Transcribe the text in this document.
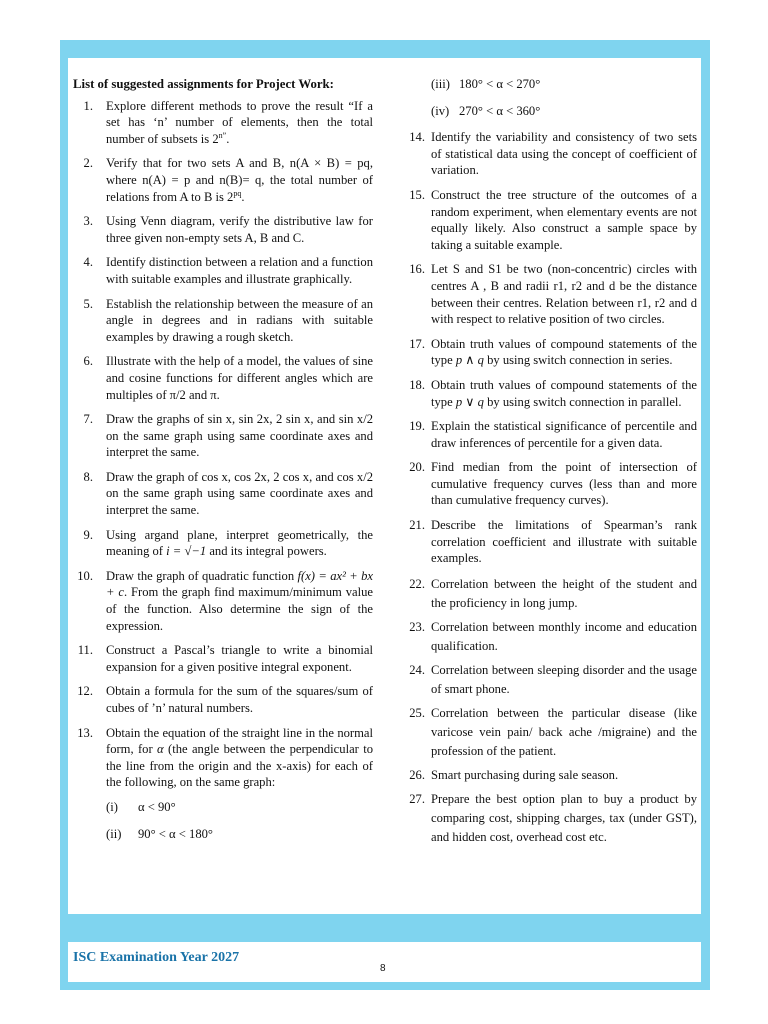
List of suggested assignments for Project Work:
1.	Explore different methods to prove the result “If a set has ‘n’ number of elements, then the total number of subsets is $2^{n”}$.
2.	Verify that for two sets A and B, n(A × B) = pq, where n(A) = p and n(B)= q, the total number of relations from A to B is $2^{pq}$.
3.	Using Venn diagram, verify the distributive law for three given non-empty sets A, B and C.
4.	Identify distinction between a relation and a function with suitable examples and illustrate graphically.
5.	Establish the relationship between the measure of an angle in degrees and in radians with suitable examples by drawing a rough sketch.
6.	Illustrate with the help of a model, the values of sine and cosine functions for different angles which are multiples of π/2 and π.
7.	Draw the graphs of sin x, sin 2x, 2 sin x, and sin x/2 on the same graph using same coordinate axes and interpret the same.
8.	Draw the graph of cos x, cos 2x, 2 cos x, and cos x/2 on the same graph using same coordinate axes and interpret the same.
9.	Using argand plane, interpret geometrically, the meaning of i = √−1 and its integral powers.
10.	Draw the graph of quadratic function f(x) = ax² + bx + c. From the graph find maximum/minimum value of the function. Also determine the sign of the expression.
11.	Construct a Pascal’s triangle to write a binomial expansion for a given positive integral exponent.
12.	Obtain a formula for the sum of the squares/sum of cubes of ’n’ natural numbers.
13.	Obtain the equation of the straight line in the normal form, for α (the angle between the perpendicular to the line from the origin and the x-axis) for each of the following, on the same graph:
(i)	α < 90°
(ii)	90° < α < 180°
(iii) 180° < α < 270°
(iv) 270° < α < 360°
14. Identify the variability and consistency of two sets of statistical data using the concept of coefficient of variation.
15. Construct the tree structure of the outcomes of a random experiment, when elementary events are not equally likely. Also construct a sample space by taking a suitable example.
16. Let S and S1 be two (non-concentric) circles with centres A , B and radii r1, r2 and d be the distance between their centres. Relation between r1, r2 and d with respect to relative position of two circles.
17. Obtain truth values of compound statements of the type p ∧ q by using switch connection in series.
18. Obtain truth values of compound statements of the type p ∨ q by using switch connection in parallel.
19. Explain the statistical significance of percentile and draw inferences of percentile for a given data.
20. Find median from the point of intersection of cumulative frequency curves (less than and more than cumulative frequency curves).
21. Describe the limitations of Spearman’s rank correlation coefficient and illustrate with suitable examples.
22. Correlation between the height of the student and the proficiency in long jump.
23. Correlation between monthly income and education qualification.
24. Correlation between sleeping disorder and the usage of smart phone.
25. Correlation between the particular disease (like varicose vein pain/ back ache /migraine) and the profession of the patient.
26. Smart purchasing during sale season.
27. Prepare the best option plan to buy a product by comparing cost, shipping charges, tax (under GST), and hidden cost, overhead cost etc.
ISC Examination Year 2027
8
